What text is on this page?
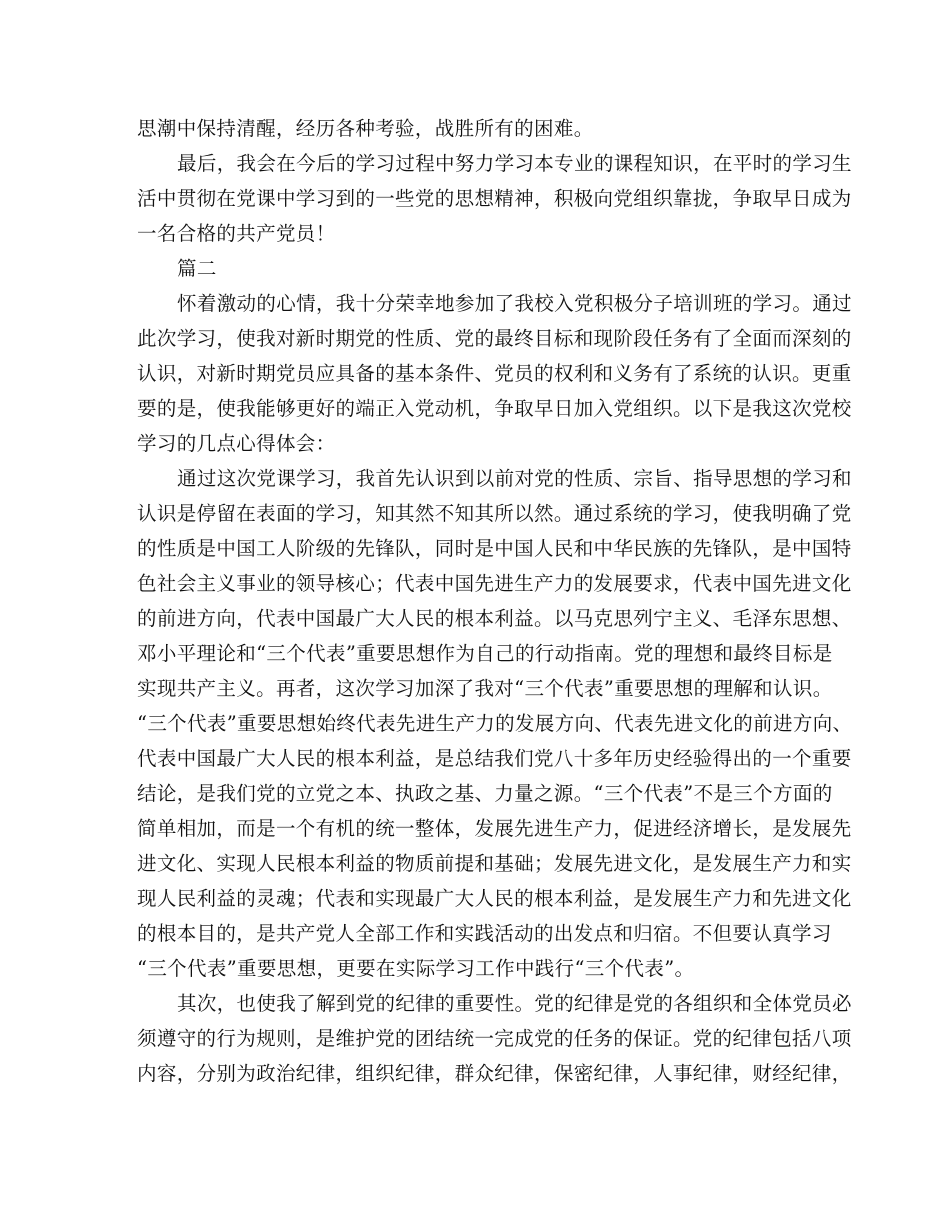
思潮中保持清醒，经历各种考验，战胜所有的困难。
最后，我会在今后的学习过程中努力学习本专业的课程知识，在平时的学习生
活中贯彻在党课中学习到的一些党的思想精神，积极向党组织靠拢，争取早日成为
一名合格的共产党员！
篇二
怀着激动的心情，我十分荣幸地参加了我校入党积极分子培训班的学习。通过
此次学习，使我对新时期党的性质、党的最终目标和现阶段任务有了全面而深刻的
认识，对新时期党员应具备的基本条件、党员的权利和义务有了系统的认识。更重
要的是，使我能够更好的端正入党动机，争取早日加入党组织。以下是我这次党校
学习的几点心得体会：
通过这次党课学习，我首先认识到以前对党的性质、宗旨、指导思想的学习和
认识是停留在表面的学习，知其然不知其所以然。通过系统的学习，使我明确了党
的性质是中国工人阶级的先锋队，同时是中国人民和中华民族的先锋队，是中国特
色社会主义事业的领导核心；代表中国先进生产力的发展要求，代表中国先进文化
的前进方向，代表中国最广大人民的根本利益。以马克思列宁主义、毛泽东思想、
邓小平理论和“三个代表”重要思想作为自己的行动指南。党的理想和最终目标是
实现共产主义。再者，这次学习加深了我对“三个代表”重要思想的理解和认识。
“三个代表”重要思想始终代表先进生产力的发展方向、代表先进文化的前进方向、
代表中国最广大人民的根本利益，是总结我们党八十多年历史经验得出的一个重要
结论，是我们党的立党之本、执政之基、力量之源。“三个代表”不是三个方面的
简单相加，而是一个有机的统一整体，发展先进生产力，促进经济增长，是发展先
进文化、实现人民根本利益的物质前提和基础；发展先进文化，是发展生产力和实
现人民利益的灵魂；代表和实现最广大人民的根本利益，是发展生产力和先进文化
的根本目的，是共产党人全部工作和实践活动的出发点和归宿。不但要认真学习
“三个代表”重要思想，更要在实际学习工作中践行“三个代表”。
其次，也使我了解到党的纪律的重要性。党的纪律是党的各组织和全体党员必
须遵守的行为规则，是维护党的团结统一完成党的任务的保证。党的纪律包括八项
内容，分别为政治纪律，组织纪律，群众纪律，保密纪律，人事纪律，财经纪律，
